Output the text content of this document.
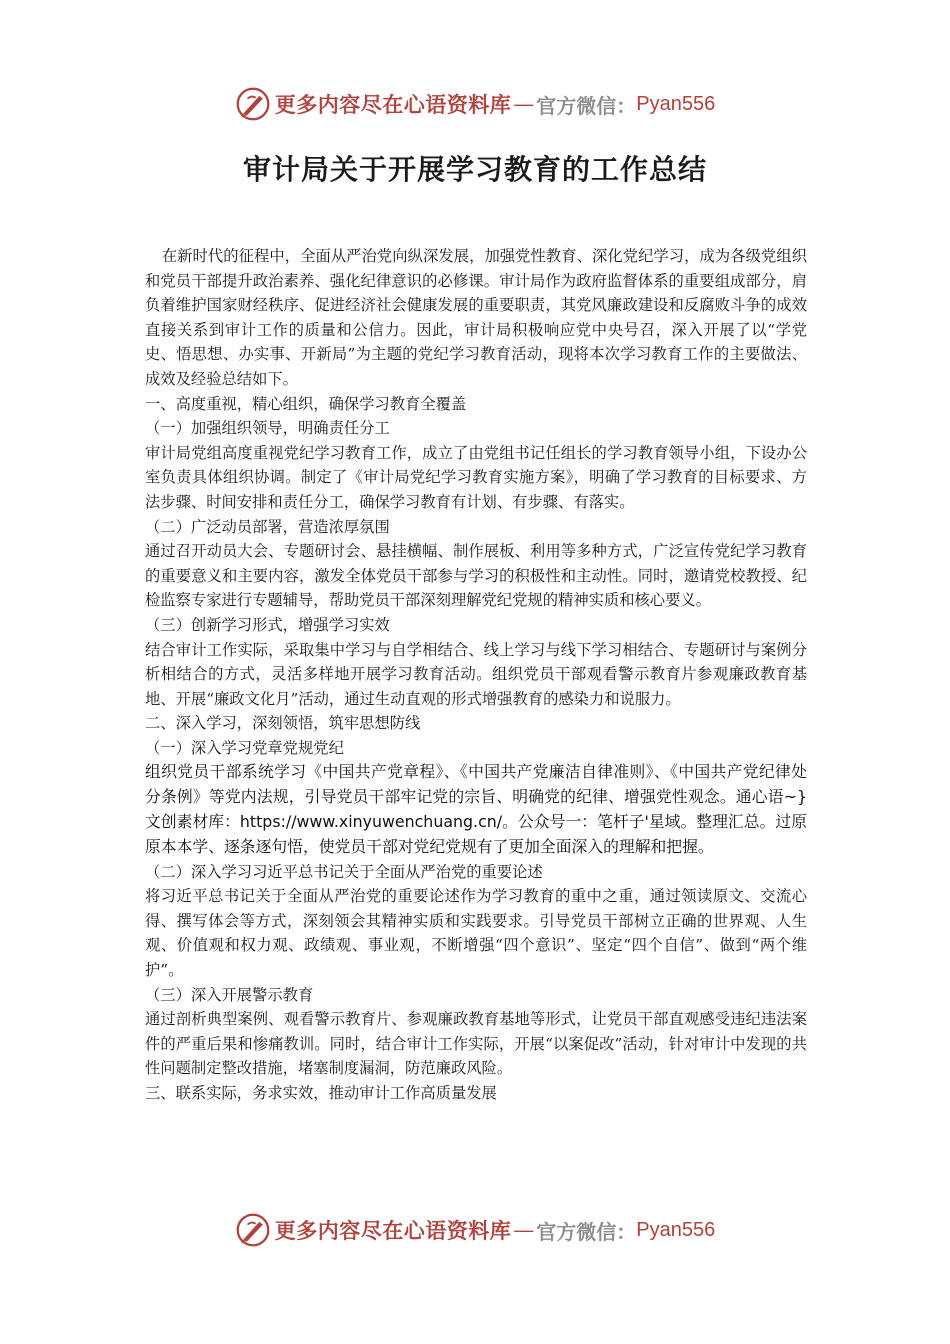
更多内容尽在心语资料库 — 官方微信： Pyan556
审计局关于开展学习教育的工作总结

在新时代的征程中，全面从严治党向纵深发展，加强党性教育、深化党纪学习，成为各级党组织和党员干部提升政治素养、强化纪律意识的必修课。审计局作为政府监督体系的重要组成部分，肩负着维护国家财经秩序、促进经济社会健康发展的重要职责，其党风廉政建设和反腐败斗争的成效直接关系到审计工作的质量和公信力。因此，审计局积极响应党中央号召，深入开展了以“学党史、悟思想、办实事、开新局”为主题的党纪学习教育活动，现将本次学习教育工作的主要做法、成效及经验总结如下。

一、高度重视，精心组织，确保学习教育全覆盖

（一）加强组织领导，明确责任分工

审计局党组高度重视党纪学习教育工作，成立了由党组书记任组长的学习教育领导小组，下设办公室负责具体组织协调。制定了《审计局党纪学习教育实施方案》，明确了学习教育的目标要求、方法步骤、时间安排和责任分工，确保学习教育有计划、有步骤、有落实。

（二）广泛动员部署，营造浓厚氛围

通过召开动员大会、专题研讨会、悬挂横幅、制作展板、利用等多种方式，广泛宣传党纪学习教育的重要意义和主要内容，激发全体党员干部参与学习的积极性和主动性。同时，邀请党校教授、纪检监察专家进行专题辅导，帮助党员干部深刻理解党纪党规的精神实质和核心要义。

（三）创新学习形式，增强学习实效

结合审计工作实际，采取集中学习与自学相结合、线上学习与线下学习相结合、专题研讨与案例分析相结合的方式，灵活多样地开展学习教育活动。组织党员干部观看警示教育片参观廉政教育基地、开展“廉政文化月”活动，通过生动直观的形式增强教育的感染力和说服力。

二、深入学习，深刻领悟，筑牢思想防线

（一）深入学习党章党规党纪

组织党员干部系统学习《中国共产党章程》、《中国共产党廉洁自律准则》、《中国共产党纪律处分条例》等党内法规，引导党员干部牢记党的宗旨、明确党的纪律、增强党性观念。通心语~}文创素材库：https://www.xinyuwenchuang.cn/。公众号一：笔杆子'星域。整理汇总。过原原本本学、逐条逐句悟，使党员干部对党纪党规有了更加全面深入的理解和把握。

（二）深入学习习近平总书记关于全面从严治党的重要论述

将习近平总书记关于全面从严治党的重要论述作为学习教育的重中之重，通过领读原文、交流心得、撰写体会等方式，深刻领会其精神实质和实践要求。引导党员干部树立正确的世界观、人生观、价值观和权力观、政绩观、事业观，不断增强“四个意识”、坚定“四个自信”、做到“两个维护”。

（三）深入开展警示教育

通过剖析典型案例、观看警示教育片、参观廉政教育基地等形式，让党员干部直观感受违纪违法案件的严重后果和惨痛教训。同时，结合审计工作实际，开展“以案促改”活动，针对审计中发现的共性问题制定整改措施，堵塞制度漏洞，防范廉政风险。

三、联系实际，务求实效，推动审计工作高质量发展

更多内容尽在心语资料库 — 官方微信： Pyan556
